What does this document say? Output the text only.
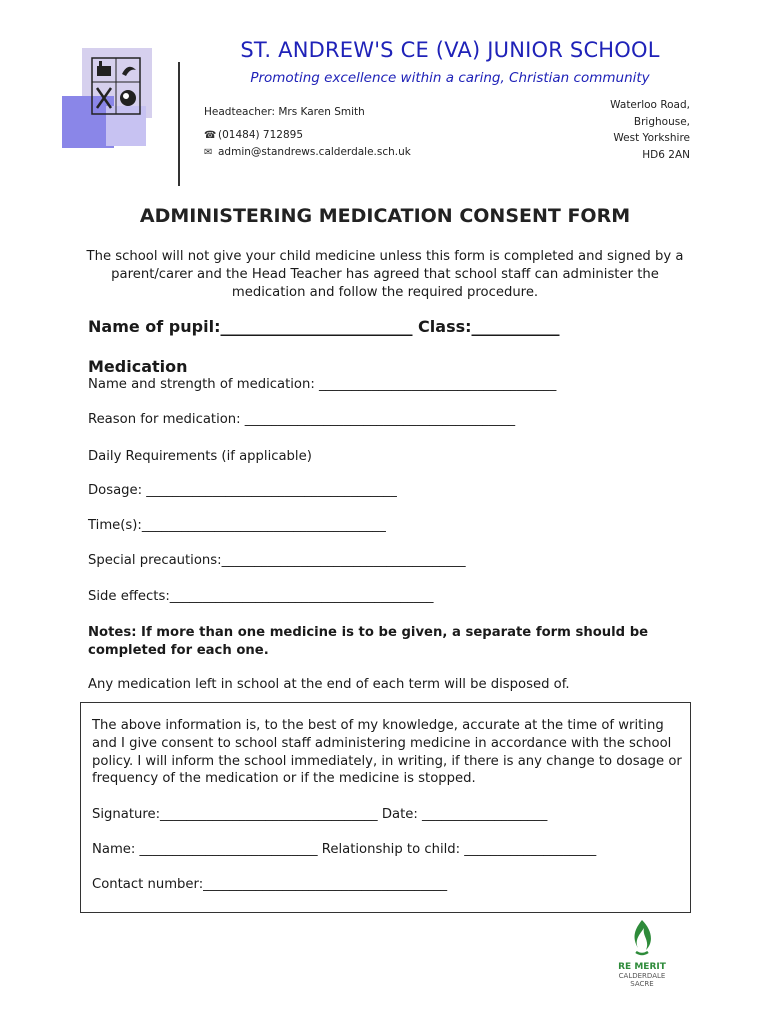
ST. ANDREW'S CE (VA) JUNIOR SCHOOL
Promoting excellence within a caring, Christian community
Headteacher: Mrs Karen Smith
☎ (01484) 712895
✉ admin@standrews.calderdale.sch.uk
Waterloo Road,
Brighouse,
West Yorkshire
HD6 2AN
ADMINISTERING MEDICATION CONSENT FORM
The school will not give your child medicine unless this form is completed and signed by a parent/carer and the Head Teacher has agreed that school staff can administer the medication and follow the required procedure.
Name of pupil:________________________ Class:___________
Medication
Name and strength of medication: ____________________________________
Reason for medication: _________________________________________
Daily Requirements (if applicable)
Dosage: ______________________________________
Time(s):_____________________________________
Special precautions:_____________________________________
Side effects:________________________________________
Notes: If more than one medicine is to be given, a separate form should be completed for each one.
Any medication left in school at the end of each term will be disposed of.
The above information is, to the best of my knowledge, accurate at the time of writing and I give consent to school staff administering medicine in accordance with the school policy. I will inform the school immediately, in writing, if there is any change to dosage or frequency of the medication or if the medicine is stopped.
Signature:_________________________________ Date: ___________________
Name: ___________________________ Relationship to child: ____________________
Contact number:_____________________________________
RE MERIT
CALDERDALE
SACRE
